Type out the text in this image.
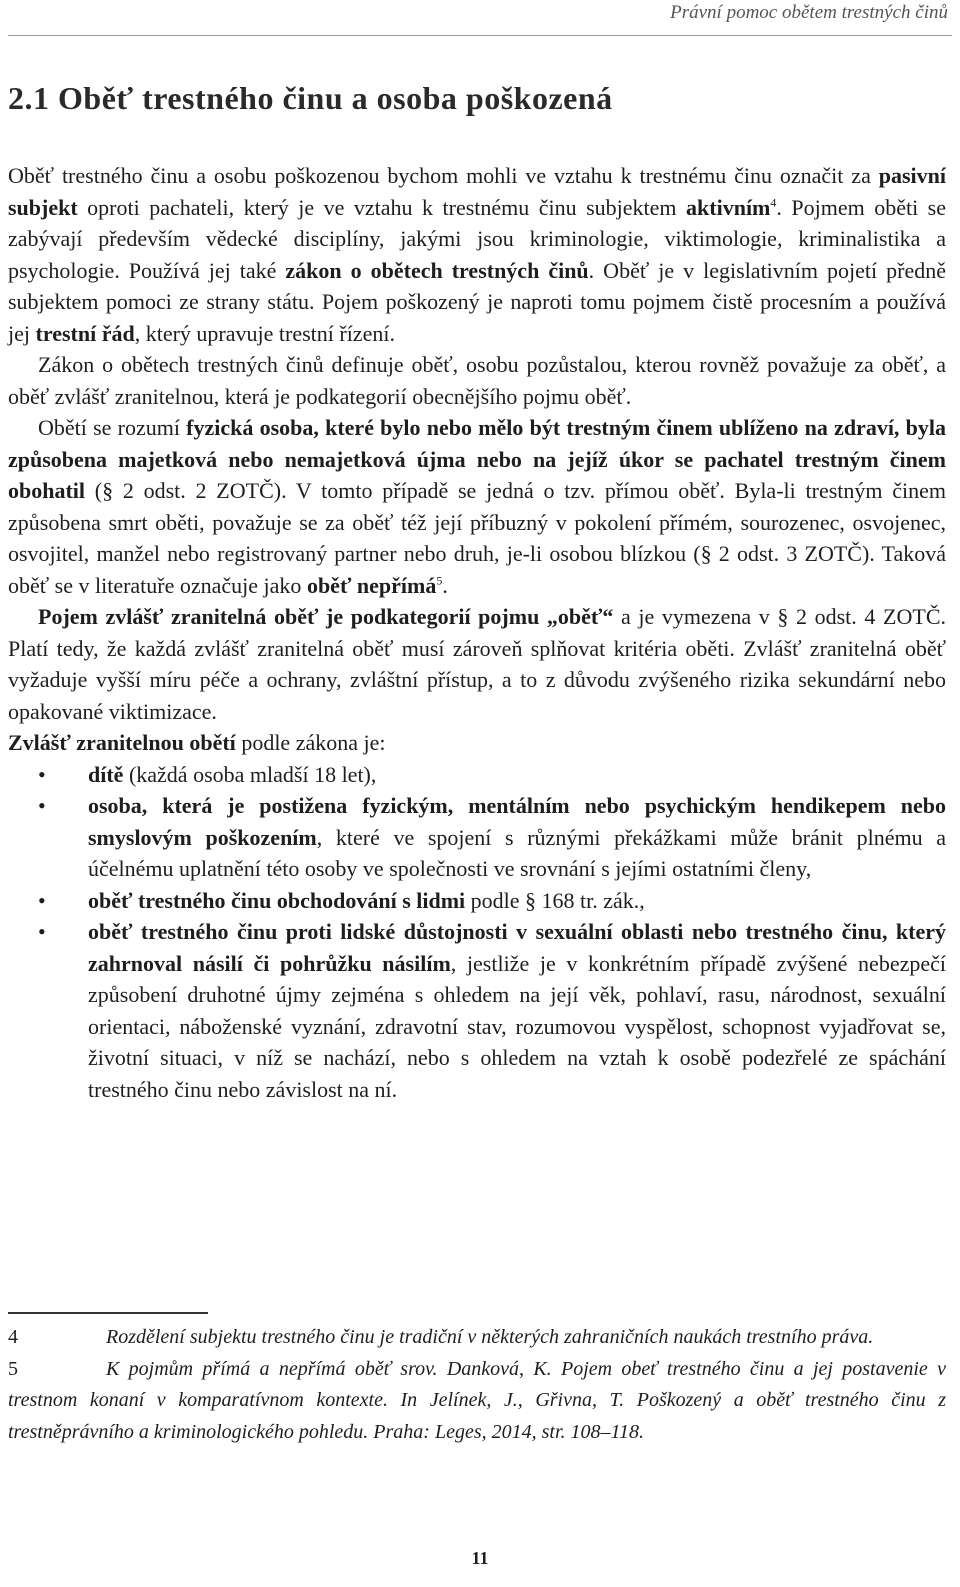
Právní pomoc obětem trestných činů
2.1 Oběť trestného činu a osoba poškozená

Oběť trestného činu a osobu poškozenou bychom mohli ve vztahu k trestnému činu označit za pasivní subjekt oproti pachateli, který je ve vztahu k trestnému činu subjektem aktivním$^4$. Pojmem oběti se zabývají především vědecké disciplíny, jakými jsou kriminologie, viktimologie, kriminalistika a psychologie. Používá jej také zákon o obětech trestných činů. Oběť je v legislativním pojetí předně subjektem pomoci ze strany státu. Pojem poškozený je naproti tomu pojmem čistě procesním a používá jej trestní řád, který upravuje trestní řízení.

Zákon o obětech trestných činů definuje oběť, osobu pozůstalou, kterou rovněž považuje za oběť, a oběť zvlášť zranitelnou, která je podkategorií obecnějšího pojmu oběť.

Obětí se rozumí fyzická osoba, které bylo nebo mělo být trestným činem ublíženo na zdraví, byla způsobena majetková nebo nemajetková újma nebo na jejíž úkor se pachatel trestným činem obohatil (§ 2 odst. 2 ZOTČ). V tomto případě se jedná o tzv. přímou oběť. Byla-li trestným činem způsobena smrt oběti, považuje se za oběť též její příbuzný v pokolení přímém, sourozenec, osvojenec, osvojitel, manžel nebo registrovaný partner nebo druh, je-li osobou blízkou (§ 2 odst. 3 ZOTČ). Taková oběť se v literatuře označuje jako oběť nepřímá$^5$.

Pojem zvlášť zranitelná oběť je podkategorií pojmu „oběť“ a je vymezena v § 2 odst. 4 ZOTČ. Platí tedy, že každá zvlášť zranitelná oběť musí zároveň splňovat kritéria oběti. Zvlášť zranitelná oběť vyžaduje vyšší míru péče a ochrany, zvláštní přístup, a to z důvodu zvýšeného rizika sekundární nebo opakované viktimizace.

Zvlášť zranitelnou obětí podle zákona je:

• dítě (každá osoba mladší 18 let),
• osoba, která je postižena fyzickým, mentálním nebo psychickým hendikepem nebo smyslovým poškozením, které ve spojení s různými překážkami může bránit plnému a účelnému uplatnění této osoby ve společnosti ve srovnání s jejími ostatními členy,
• oběť trestného činu obchodování s lidmi podle § 168 tr. zák.,
• oběť trestného činu proti lidské důstojnosti v sexuální oblasti nebo trestného činu, který zahrnoval násilí či pohrůžku násilím, jestliže je v konkrétním případě zvýšené nebezpečí způsobení druhotné újmy zejména s ohledem na její věk, pohlaví, rasu, národnost, sexuální orientaci, náboženské vyznání, zdravotní stav, rozumovou vyspělost, schopnost vyjadřovat se, životní situaci, v níž se nachází, nebo s ohledem na vztah k osobě podezřelé ze spáchání trestného činu nebo závislost na ní.

4	Rozdělení subjektu trestného činu je tradiční v některých zahraničních naukách trestního práva.

5	K pojmům přímá a nepřímá oběť srov. Danková, K. Pojem obeť trestného činu a jej postavenie v trestnom konaní v komparatívnom kontexte. In Jelínek, J., Gřivna, T. Poškozený a oběť trestného činu z trestněprávního a kriminologického pohledu. Praha: Leges, 2014, str. 108–118.

11
